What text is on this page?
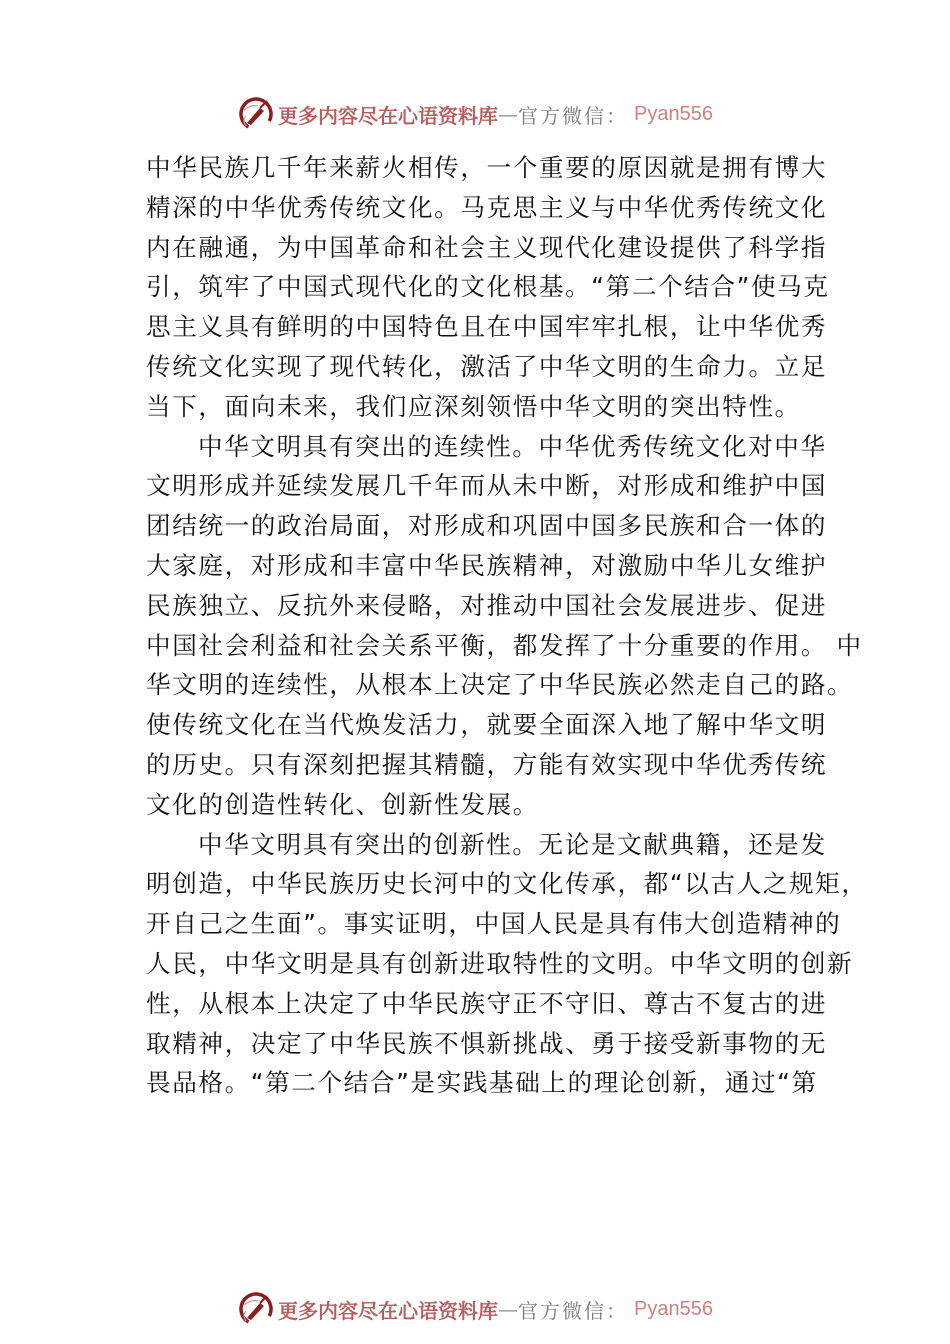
更多内容尽在心语资料库 — 官方微信： Pyan556

中华民族几千年来薪火相传，一个重要的原因就是拥有博大
精深的中华优秀传统文化。马克思主义与中华优秀传统文化
内在融通，为中国革命和社会主义现代化建设提供了科学指
引，筑牢了中国式现代化的文化根基。“第二个结合”使马克
思主义具有鲜明的中国特色且在中国牢牢扎根，让中华优秀
传统文化实现了现代转化，激活了中华文明的生命力。立足
当下，面向未来，我们应深刻领悟中华文明的突出特性。

中华文明具有突出的连续性。中华优秀传统文化对中华
文明形成并延续发展几千年而从未中断，对形成和维护中国
团结统一的政治局面，对形成和巩固中国多民族和合一体的
大家庭，对形成和丰富中华民族精神，对激励中华儿女维护
民族独立、反抗外来侵略，对推动中国社会发展进步、促进
中国社会利益和社会关系平衡，都发挥了十分重要的作用。 中
华文明的连续性，从根本上决定了中华民族必然走自己的路。
使传统文化在当代焕发活力，就要全面深入地了解中华文明
的历史。只有深刻把握其精髓，方能有效实现中华优秀传统
文化的创造性转化、创新性发展。

中华文明具有突出的创新性。无论是文献典籍，还是发
明创造，中华民族历史长河中的文化传承，都“以古人之规矩，
开自己之生面”。事实证明，中国人民是具有伟大创造精神的
人民，中华文明是具有创新进取特性的文明。中华文明的创新
性，从根本上决定了中华民族守正不守旧、尊古不复古的进
取精神，决定了中华民族不惧新挑战、勇于接受新事物的无
畏品格。“第二个结合”是实践基础上的理论创新，通过“第

更多内容尽在心语资料库 — 官方微信： Pyan556
